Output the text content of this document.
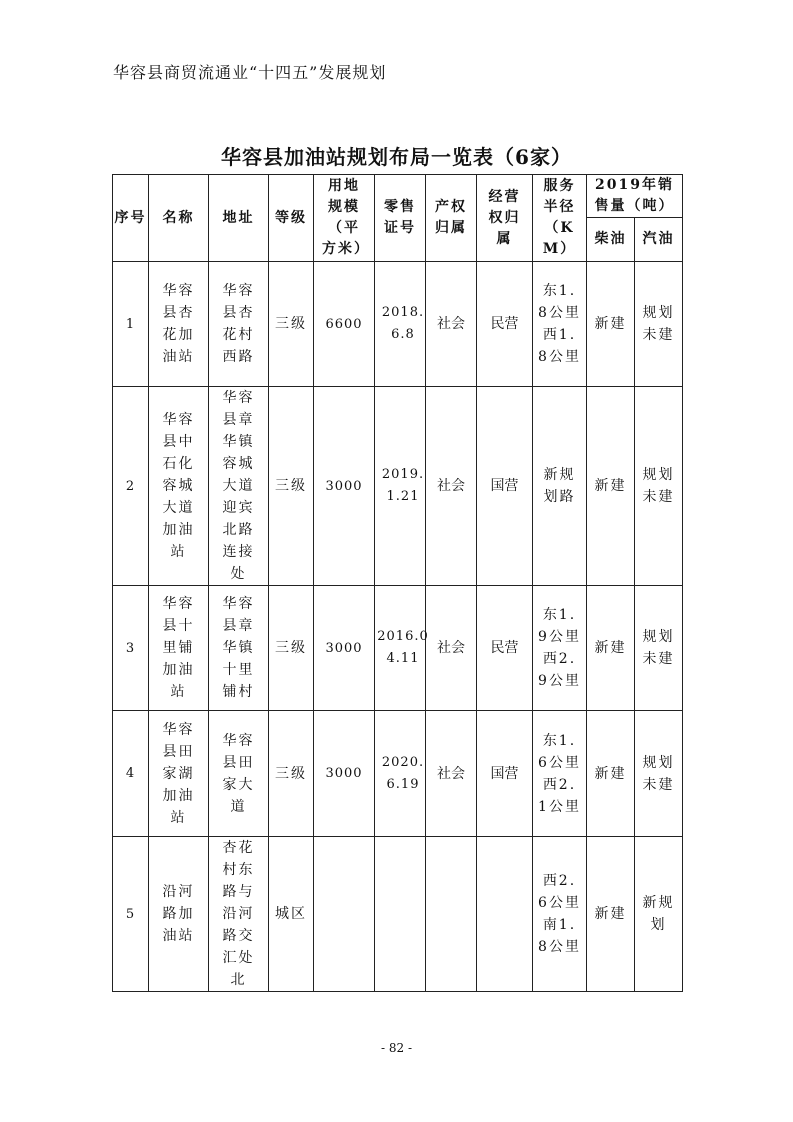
华容县商贸流通业“十四五”发展规划
华容县加油站规划布局一览表（6家）
序号	名称	地址	等级	用地规模（平方米）	零售证号	产权归属	经营权归属	服务半径（KM）	2019年销售量（吨）	

									柴油	汽油

1	华容县杏花加油站	华容县杏花村西路	三级	6600	2018.6.8	社会	民营	东1.8公里西1.8公里	新建	规划未建

2	华容县中石化容城大道加油站	华容县章华镇容城大道迎宾北路连接处	三级	3000	2019.1.21	社会	国营	新规划路	新建	规划未建

3	华容县十里铺加油站	华容县章华镇十里铺村	三级	3000	2016.04.11	社会	民营	东1.9公里西2.9公里	新建	规划未建

4	华容县田家湖加油站	华容县田家大道	三级	3000	2020.6.19	社会	国营	东1.6公里西2.1公里	新建	规划未建

5	沿河路加油站	杏花村东路与沿河路交汇处北	城区					西2.6公里南1.8公里	新建	新规划
- 82 -
